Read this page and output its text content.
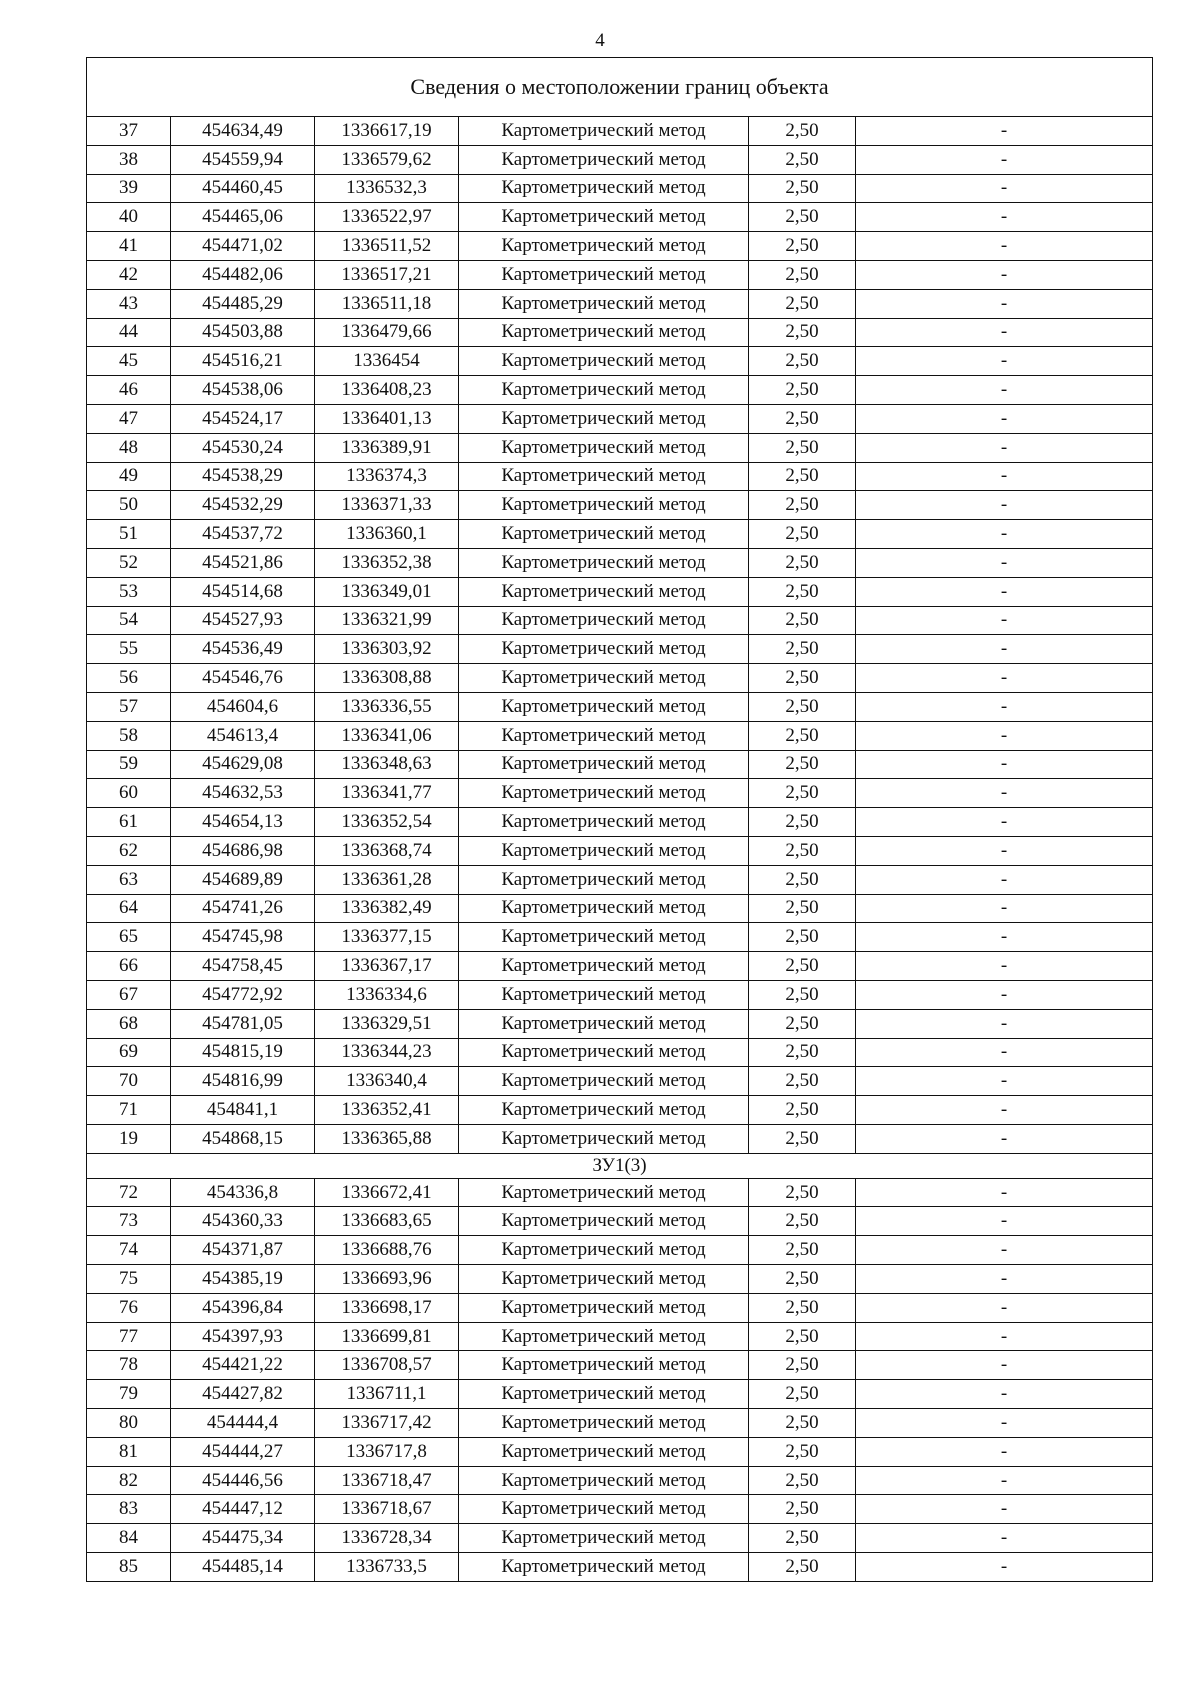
4
Сведения о местоположении границ объекта					
37	454634,49	1336617,19	Картометрический метод	2,50	-
38	454559,94	1336579,62	Картометрический метод	2,50	-
39	454460,45	1336532,3	Картометрический метод	2,50	-
40	454465,06	1336522,97	Картометрический метод	2,50	-
41	454471,02	1336511,52	Картометрический метод	2,50	-
42	454482,06	1336517,21	Картометрический метод	2,50	-
43	454485,29	1336511,18	Картометрический метод	2,50	-
44	454503,88	1336479,66	Картометрический метод	2,50	-
45	454516,21	1336454	Картометрический метод	2,50	-
46	454538,06	1336408,23	Картометрический метод	2,50	-
47	454524,17	1336401,13	Картометрический метод	2,50	-
48	454530,24	1336389,91	Картометрический метод	2,50	-
49	454538,29	1336374,3	Картометрический метод	2,50	-
50	454532,29	1336371,33	Картометрический метод	2,50	-
51	454537,72	1336360,1	Картометрический метод	2,50	-
52	454521,86	1336352,38	Картометрический метод	2,50	-
53	454514,68	1336349,01	Картометрический метод	2,50	-
54	454527,93	1336321,99	Картометрический метод	2,50	-
55	454536,49	1336303,92	Картометрический метод	2,50	-
56	454546,76	1336308,88	Картометрический метод	2,50	-
57	454604,6	1336336,55	Картометрический метод	2,50	-
58	454613,4	1336341,06	Картометрический метод	2,50	-
59	454629,08	1336348,63	Картометрический метод	2,50	-
60	454632,53	1336341,77	Картометрический метод	2,50	-
61	454654,13	1336352,54	Картометрический метод	2,50	-
62	454686,98	1336368,74	Картометрический метод	2,50	-
63	454689,89	1336361,28	Картометрический метод	2,50	-
64	454741,26	1336382,49	Картометрический метод	2,50	-
65	454745,98	1336377,15	Картометрический метод	2,50	-
66	454758,45	1336367,17	Картометрический метод	2,50	-
67	454772,92	1336334,6	Картометрический метод	2,50	-
68	454781,05	1336329,51	Картометрический метод	2,50	-
69	454815,19	1336344,23	Картометрический метод	2,50	-
70	454816,99	1336340,4	Картометрический метод	2,50	-
71	454841,1	1336352,41	Картометрический метод	2,50	-
19	454868,15	1336365,88	Картометрический метод	2,50	-
ЗУ1(3)					
72	454336,8	1336672,41	Картометрический метод	2,50	-
73	454360,33	1336683,65	Картометрический метод	2,50	-
74	454371,87	1336688,76	Картометрический метод	2,50	-
75	454385,19	1336693,96	Картометрический метод	2,50	-
76	454396,84	1336698,17	Картометрический метод	2,50	-
77	454397,93	1336699,81	Картометрический метод	2,50	-
78	454421,22	1336708,57	Картометрический метод	2,50	-
79	454427,82	1336711,1	Картометрический метод	2,50	-
80	454444,4	1336717,42	Картометрический метод	2,50	-
81	454444,27	1336717,8	Картометрический метод	2,50	-
82	454446,56	1336718,47	Картометрический метод	2,50	-
83	454447,12	1336718,67	Картометрический метод	2,50	-
84	454475,34	1336728,34	Картометрический метод	2,50	-
85	454485,14	1336733,5	Картометрический метод	2,50	-
